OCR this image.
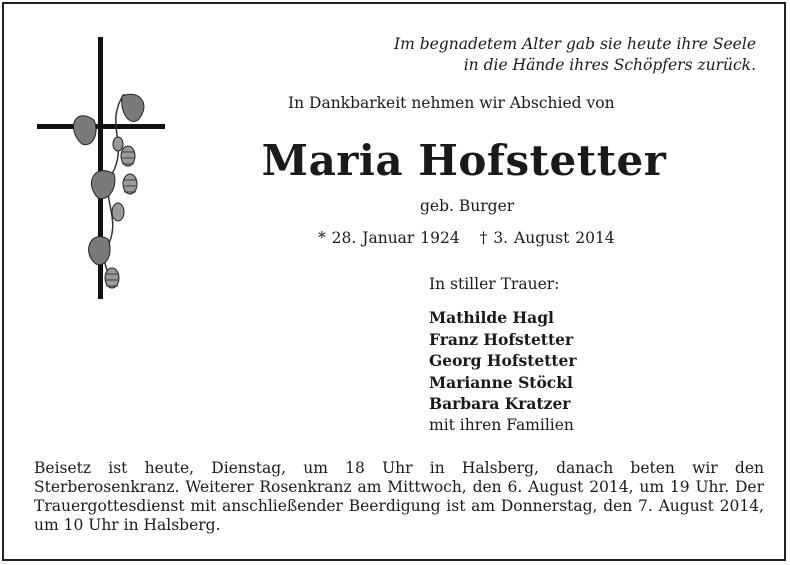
Im begnadetem Alter gab sie heute ihre Seele
in die Hände ihres Schöpfers zurück.
In Dankbarkeit nehmen wir Abschied von
Maria Hofstetter
geb. Burger
* 28. Januar 1924 † 3. August 2014
In stiller Trauer:
Mathilde Hagl
Franz Hofstetter
Georg Hofstetter
Marianne Stöckl
Barbara Kratzer
mit ihren Familien

Beisetz ist heute, Dienstag, um 18 Uhr in Halsberg, danach beten wir den Sterberosenkranz. Weiterer Rosenkranz am Mittwoch, den 6. August 2014, um 19 Uhr. Der Trauergottesdienst mit anschließender Beerdigung ist am Donnerstag, den 7. August 2014, um 10 Uhr in Halsberg.
